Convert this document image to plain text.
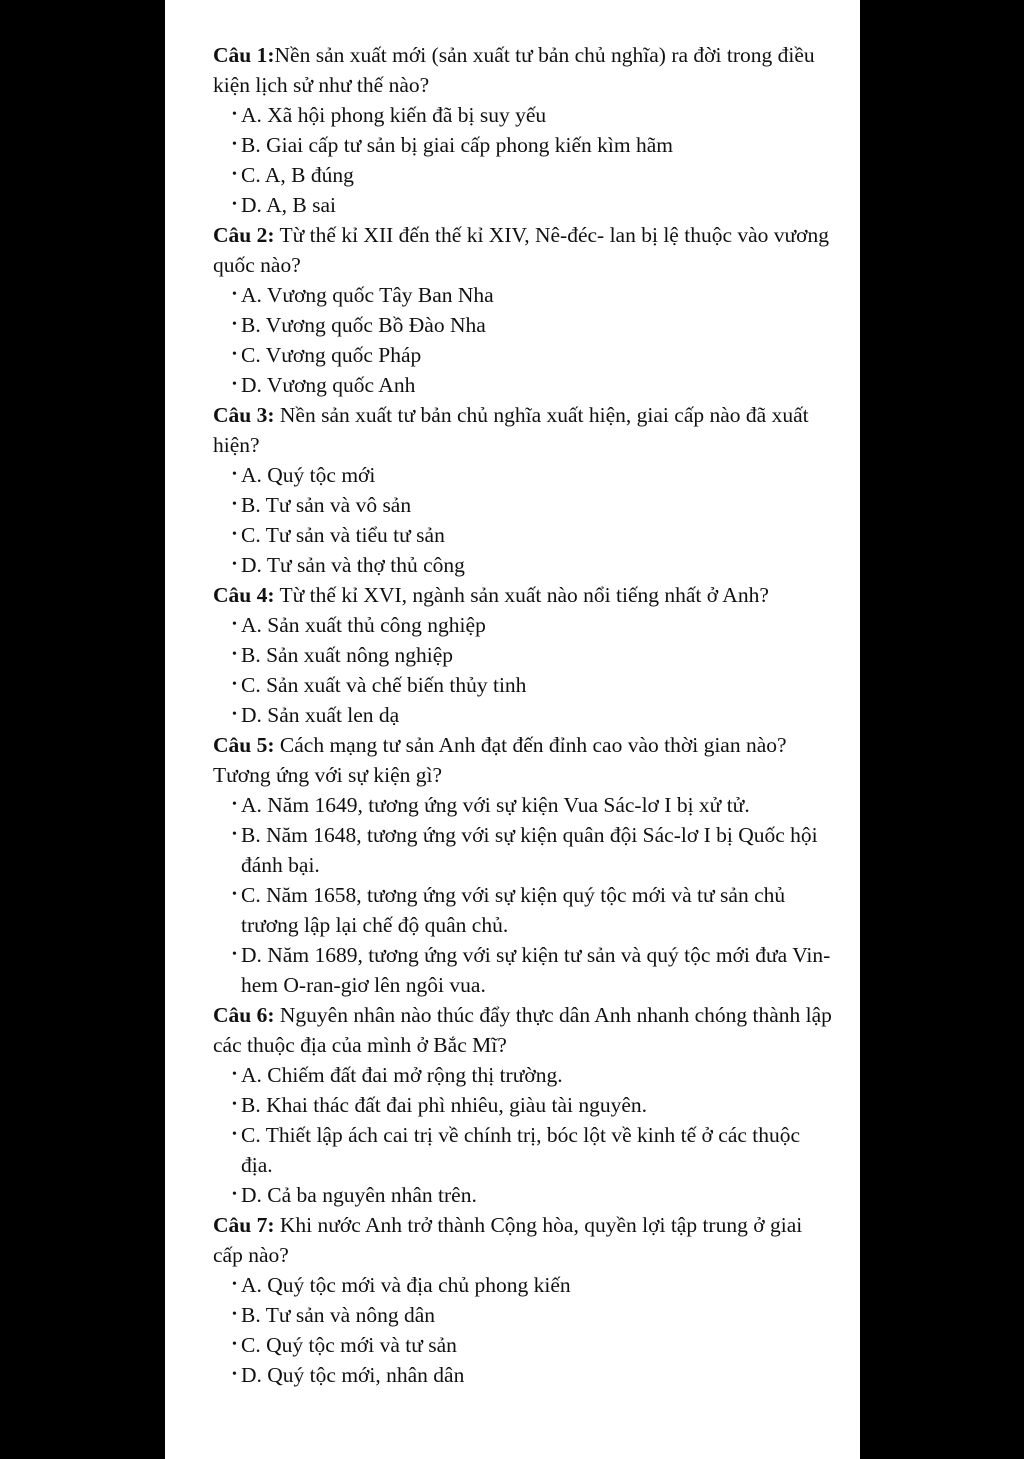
Câu 1:Nền sản xuất mới (sản xuất tư bản chủ nghĩa) ra đời trong điều kiện lịch sử như thế nào?

• A. Xã hội phong kiến đã bị suy yếu
• B. Giai cấp tư sản bị giai cấp phong kiến kìm hãm
• C. A, B đúng
• D. A, B sai

Câu 2: Từ thế kỉ XII đến thế kỉ XIV, Nê-đéc- lan bị lệ thuộc vào vương quốc nào?

• A. Vương quốc Tây Ban Nha
• B. Vương quốc Bồ Đào Nha
• C. Vương quốc Pháp
• D. Vương quốc Anh

Câu 3: Nền sản xuất tư bản chủ nghĩa xuất hiện, giai cấp nào đã xuất hiện?

• A. Quý tộc mới
• B. Tư sản và vô sản
• C. Tư sản và tiểu tư sản
• D. Tư sản và thợ thủ công

Câu 4: Từ thế kỉ XVI, ngành sản xuất nào nổi tiếng nhất ở Anh?

• A. Sản xuất thủ công nghiệp
• B. Sản xuất nông nghiệp
• C. Sản xuất và chế biến thủy tinh
• D. Sản xuất len dạ

Câu 5: Cách mạng tư sản Anh đạt đến đỉnh cao vào thời gian nào? Tương ứng với sự kiện gì?

• A. Năm 1649, tương ứng với sự kiện Vua Sác-lơ I bị xử tử.
• B. Năm 1648, tương ứng với sự kiện quân đội Sác-lơ I bị Quốc hội đánh bại.
• C. Năm 1658, tương ứng với sự kiện quý tộc mới và tư sản chủ trương lập lại chế độ quân chủ.
• D. Năm 1689, tương ứng với sự kiện tư sản và quý tộc mới đưa Vin- hem O-ran-giơ lên ngôi vua.

Câu 6: Nguyên nhân nào thúc đẩy thực dân Anh nhanh chóng thành lập các thuộc địa của mình ở Bắc Mĩ?

• A. Chiếm đất đai mở rộng thị trường.
• B. Khai thác đất đai phì nhiêu, giàu tài nguyên.
• C. Thiết lập ách cai trị về chính trị, bóc lột về kinh tế ở các thuộc địa.
• D. Cả ba nguyên nhân trên.

Câu 7: Khi nước Anh trở thành Cộng hòa, quyền lợi tập trung ở giai cấp nào?

• A. Quý tộc mới và địa chủ phong kiến
• B. Tư sản và nông dân
• C. Quý tộc mới và tư sản
• D. Quý tộc mới, nhân dân
